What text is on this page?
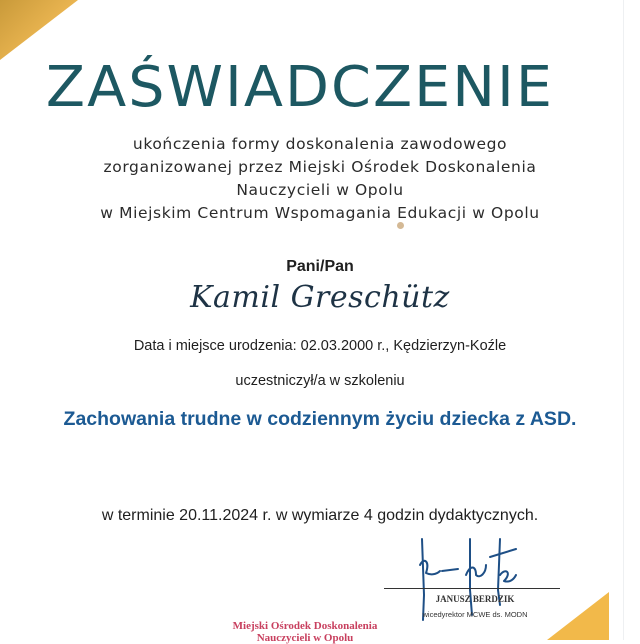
ZAŚWIADCZENIE
ukończenia formy doskonalenia zawodowego
zorganizowanej przez Miejski Ośrodek Doskonalenia
Nauczycieli w Opolu
w Miejskim Centrum Wspomagania Edukacji w Opolu
Pani/Pan
Kamil Greschütz
Data i miejsce urodzenia: 02.03.2000 r., Kędzierzyn-Koźle
uczestniczył/a w szkoleniu
Zachowania trudne w codziennym życiu dziecka z ASD.
w terminie 20.11.2024 r. w wymiarze 4 godzin dydaktycznych.
JANUSZ BERDZIK
wicedyrektor MCWE ds. MODN
Miejski Ośrodek Doskonalenia
Nauczycieli w Opolu
